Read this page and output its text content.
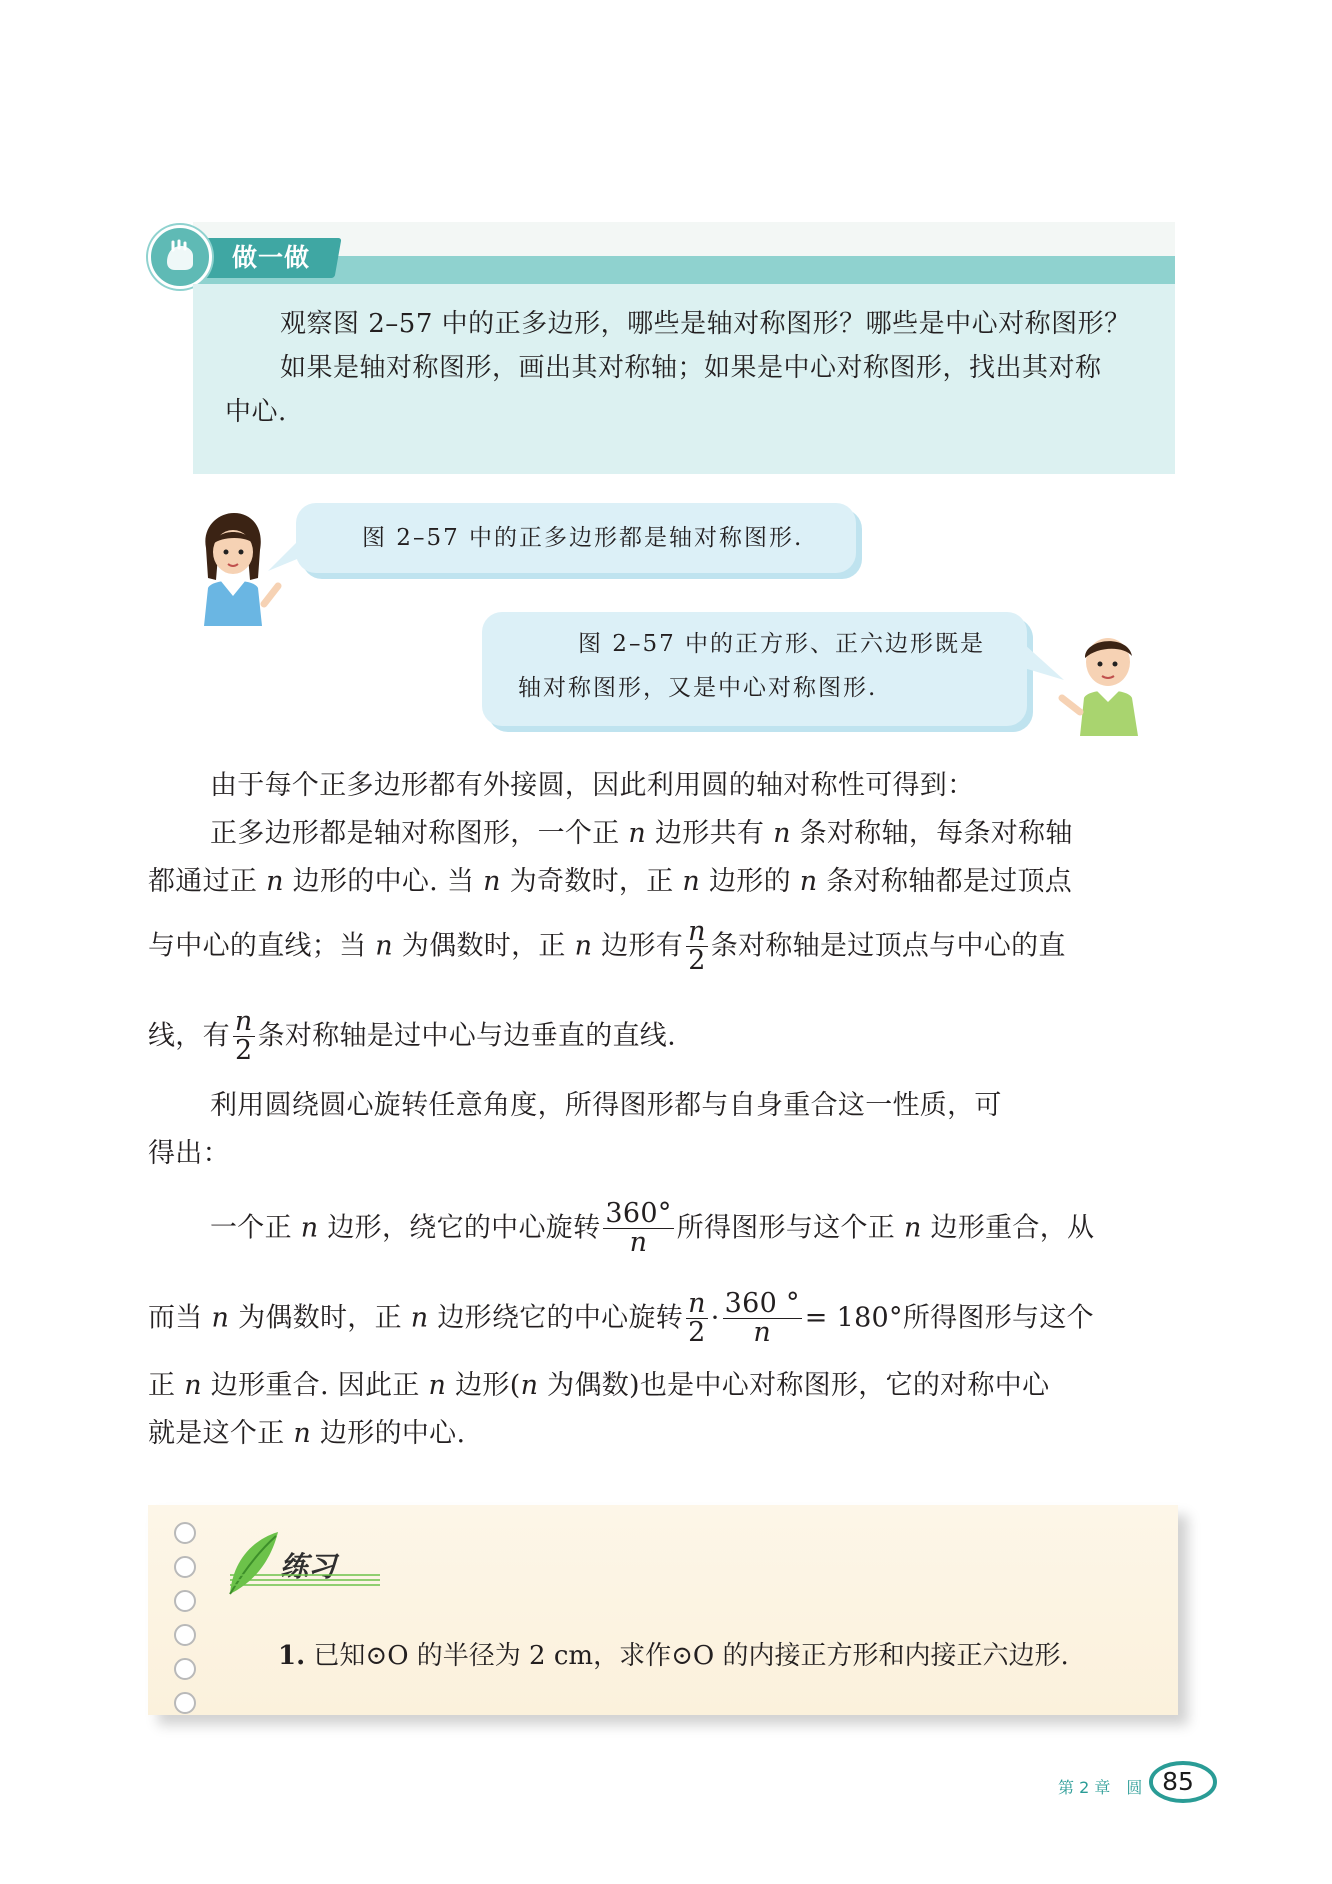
做一做
观察图 2–57 中的正多边形，哪些是轴对称图形？哪些是中心对称图形？
如果是轴对称图形，画出其对称轴；如果是中心对称图形，找出其对称
中心.
图 2–57 中的正多边形都是轴对称图形.
图 2–57 中的正方形、正六边形既是
轴对称图形，又是中心对称图形.
由于每个正多边形都有外接圆，因此利用圆的轴对称性可得到：
正多边形都是轴对称图形，一个正 n 边形共有 n 条对称轴，每条对称轴
都通过正 n 边形的中心. 当 n 为奇数时，正 n 边形的 n 条对称轴都是过顶点
与中心的直线；当 n 为偶数时，正 n 边形有 $\frac{n}{2}$ 条对称轴是过顶点与中心的直
线，有 $\frac{n}{2}$ 条对称轴是过中心与边垂直的直线.
利用圆绕圆心旋转任意角度，所得图形都与自身重合这一性质，可
得出：
一个正 n 边形，绕它的中心旋转 $\frac{360^\circ}{n}$ 所得图形与这个正 n 边形重合，从
而当 n 为偶数时，正 n 边形绕它的中心旋转 $\frac{n}{2} \cdot \frac{360 ^\circ}{n} = 180^\circ$所得图形与这个
正 n 边形重合. 因此正 n 边形(n 为偶数)也是中心对称图形，它的对称中心
就是这个正 n 边形的中心.
练习
1. 已知⊙O 的半径为 2 cm，求作⊙O 的内接正方形和内接正六边形.
第 2 章　圆 85
